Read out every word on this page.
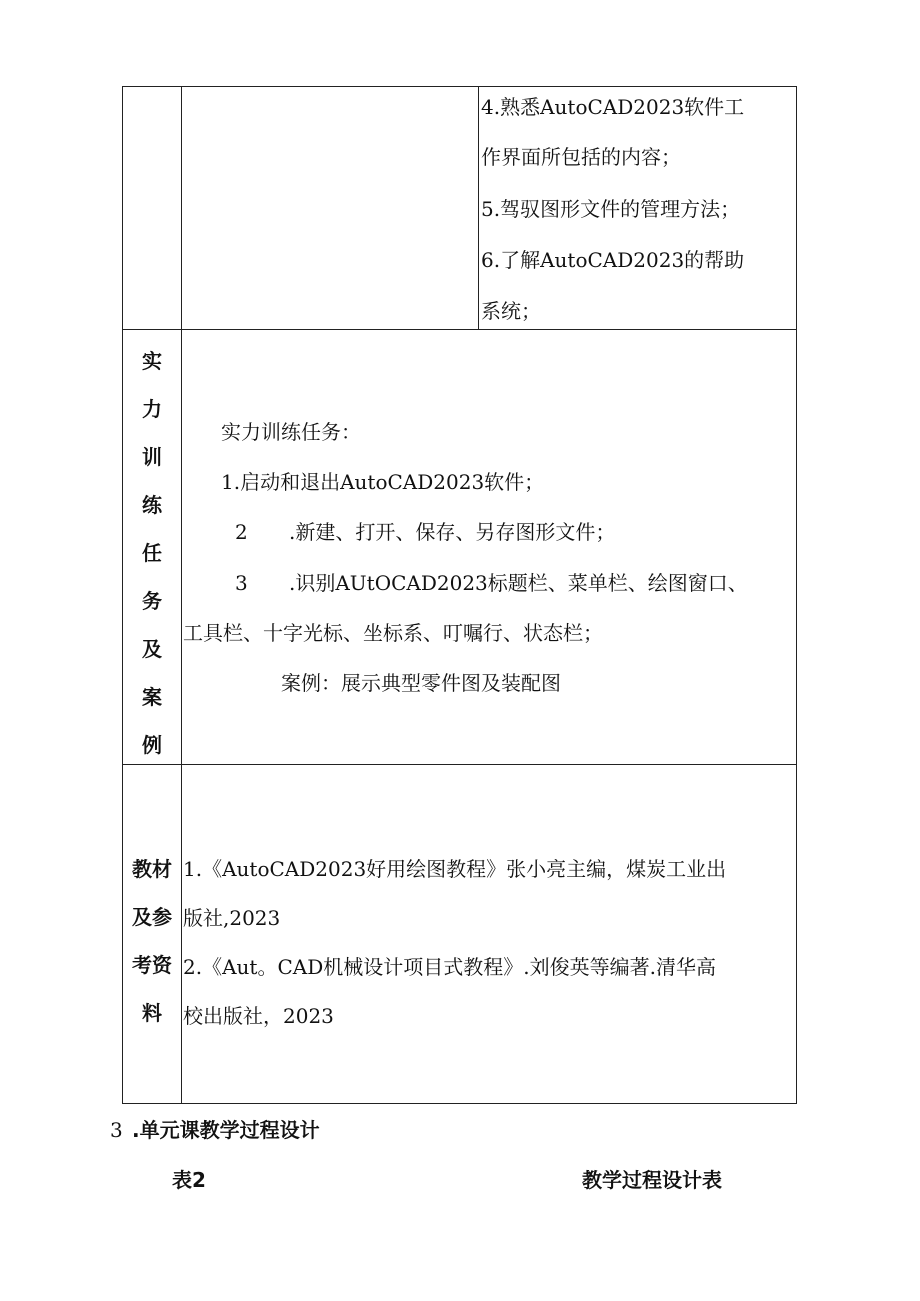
4.熟悉AutoCAD2023软件工
作界面所包括的内容；
5.驾驭图形文件的管理方法；
6.了解AutoCAD2023的帮助
系统；
实
力
训
练
任
务
及
案
例
实力训练任务：
1.启动和退出AutoCAD2023软件；
2 .新建、打开、保存、另存图形文件；
3 .识别AUtOCAD2023标题栏、菜单栏、绘图窗口、
工具栏、十字光标、坐标系、叮嘱行、状态栏；
案例：展示典型零件图及装配图
教材
及参
考资
料
1.《AutoCAD2023好用绘图教程》张小亮主编，煤炭工业出
版社,2023
2.《Aut。CAD机械设计项目式教程》.刘俊英等编著.清华高
校出版社，2023
3 .单元课教学过程设计
表2	教学过程设计表
